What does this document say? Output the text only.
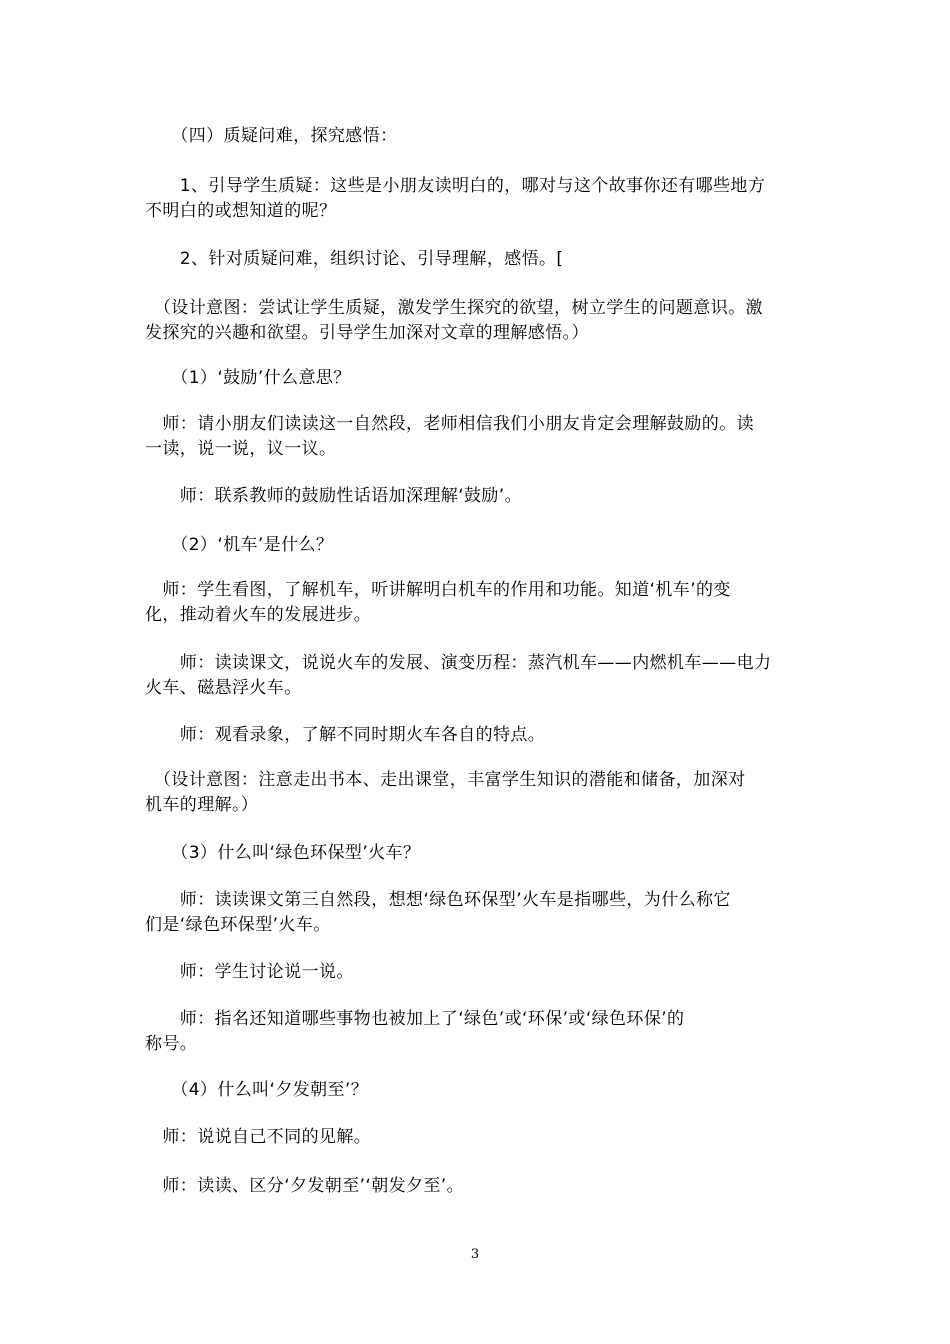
　　（四）质疑问难，探究感悟：

　　1、引导学生质疑：这些是小朋友读明白的，哪对与这个故事你还有哪些地方
不明白的或想知道的呢？

　　2、针对质疑问难，组织讨论、引导理解，感悟。[

　（设计意图：尝试让学生质疑，激发学生探究的欲望，树立学生的问题意识。激
发探究的兴趣和欲望。引导学生加深对文章的理解感悟。）

　　（1）‘鼓励’什么意思？

　师：请小朋友们读读这一自然段，老师相信我们小朋友肯定会理解鼓励的。读
一读，说一说，议一议。

　　师：联系教师的鼓励性话语加深理解‘鼓励’。

　　（2）‘机车’是什么？

　师：学生看图，了解机车，听讲解明白机车的作用和功能。知道‘机车’的变
化，推动着火车的发展进步。

　　师：读读课文，说说火车的发展、演变历程：蒸汽机车——内燃机车——电力
火车、磁悬浮火车。

　　师：观看录象，了解不同时期火车各自的特点。

　（设计意图：注意走出书本、走出课堂，丰富学生知识的潜能和储备，加深对
机车的理解。）

　　（3）什么叫‘绿色环保型’火车？

　　师：读读课文第三自然段，想想‘绿色环保型’火车是指哪些，为什么称它
们是‘绿色环保型’火车。

　　师：学生讨论说一说。

　　师：指名还知道哪些事物也被加上了‘绿色’或‘环保’或‘绿色环保’的
称号。

　　（4）什么叫‘夕发朝至’？

　师：说说自己不同的见解。

　师：读读、区分‘夕发朝至’‘朝发夕至’。

3
